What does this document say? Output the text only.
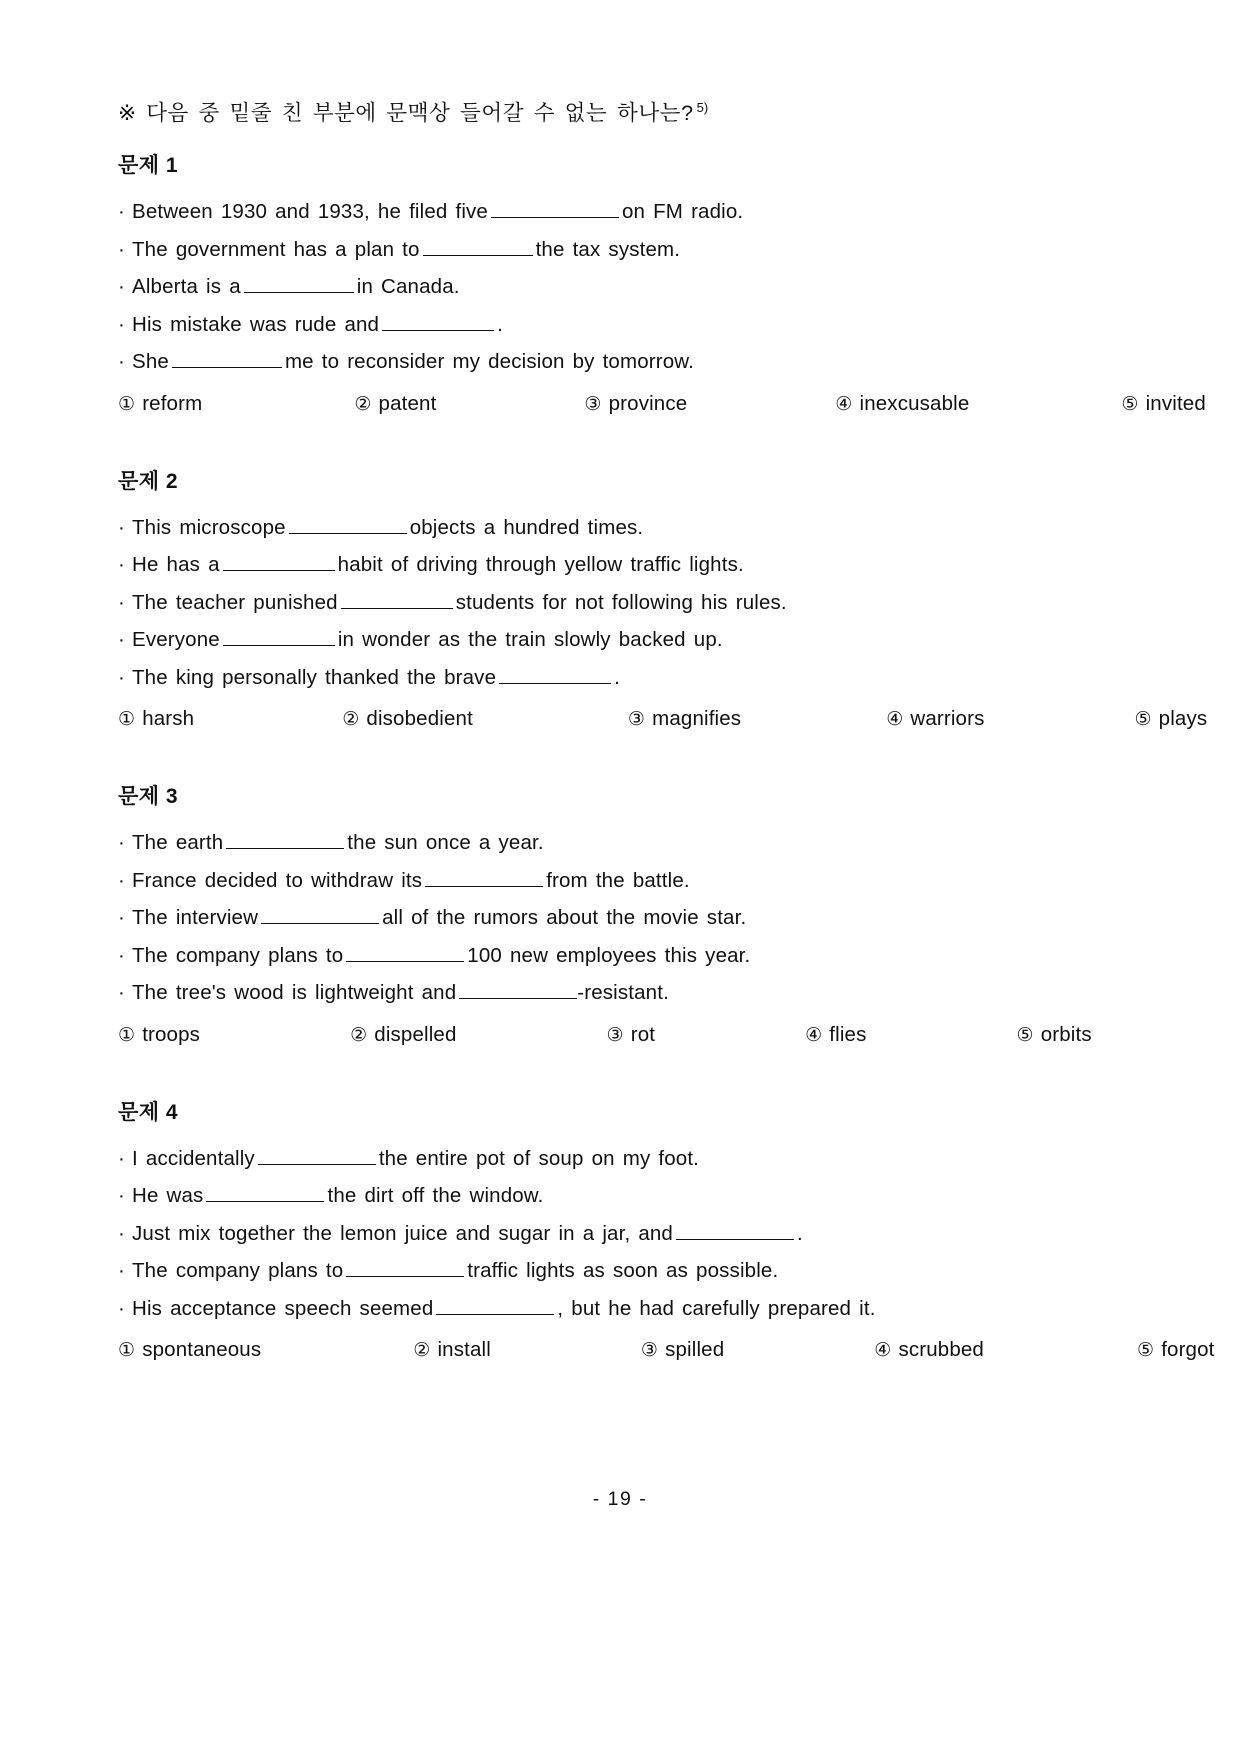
※ 다음 중 밑줄 친 부분에 문맥상 들어갈 수 없는 하나는? $^{5)}$

문제 1
· Between 1930 and 1933, he filed five	on FM radio.
· The government has a plan to	the tax system.
· Alberta is a	in Canada.
· His mistake was rude and	.
· She	me to reconsider my decision by tomorrow.
① reform	② patent	③ province	④ inexcusable	⑤ invited
문제 2
· This microscope	objects a hundred times.
· He has a	habit of driving through yellow traffic lights.
· The teacher punished	students for not following his rules.
· Everyone	in wonder as the train slowly backed up.
· The king personally thanked the brave	.
① harsh	② disobedient	③ magnifies	④ warriors	⑤ plays
문제 3
· The earth	the sun once a year.
· France decided to withdraw its	from the battle.
· The interview	all of the rumors about the movie star.
· The company plans to	100 new employees this year.
· The tree's wood is lightweight and	-resistant.
① troops	② dispelled	③ rot	④ flies	⑤ orbits
문제 4
· I accidentally	the entire pot of soup on my foot.
· He was	the dirt off the window.
· Just mix together the lemon juice and sugar in a jar, and	.
· The company plans to	traffic lights as soon as possible.
· His acceptance speech seemed	, but he had carefully prepared it.
① spontaneous	② install	③ spilled	④ scrubbed	⑤ forgot
- 19 -
